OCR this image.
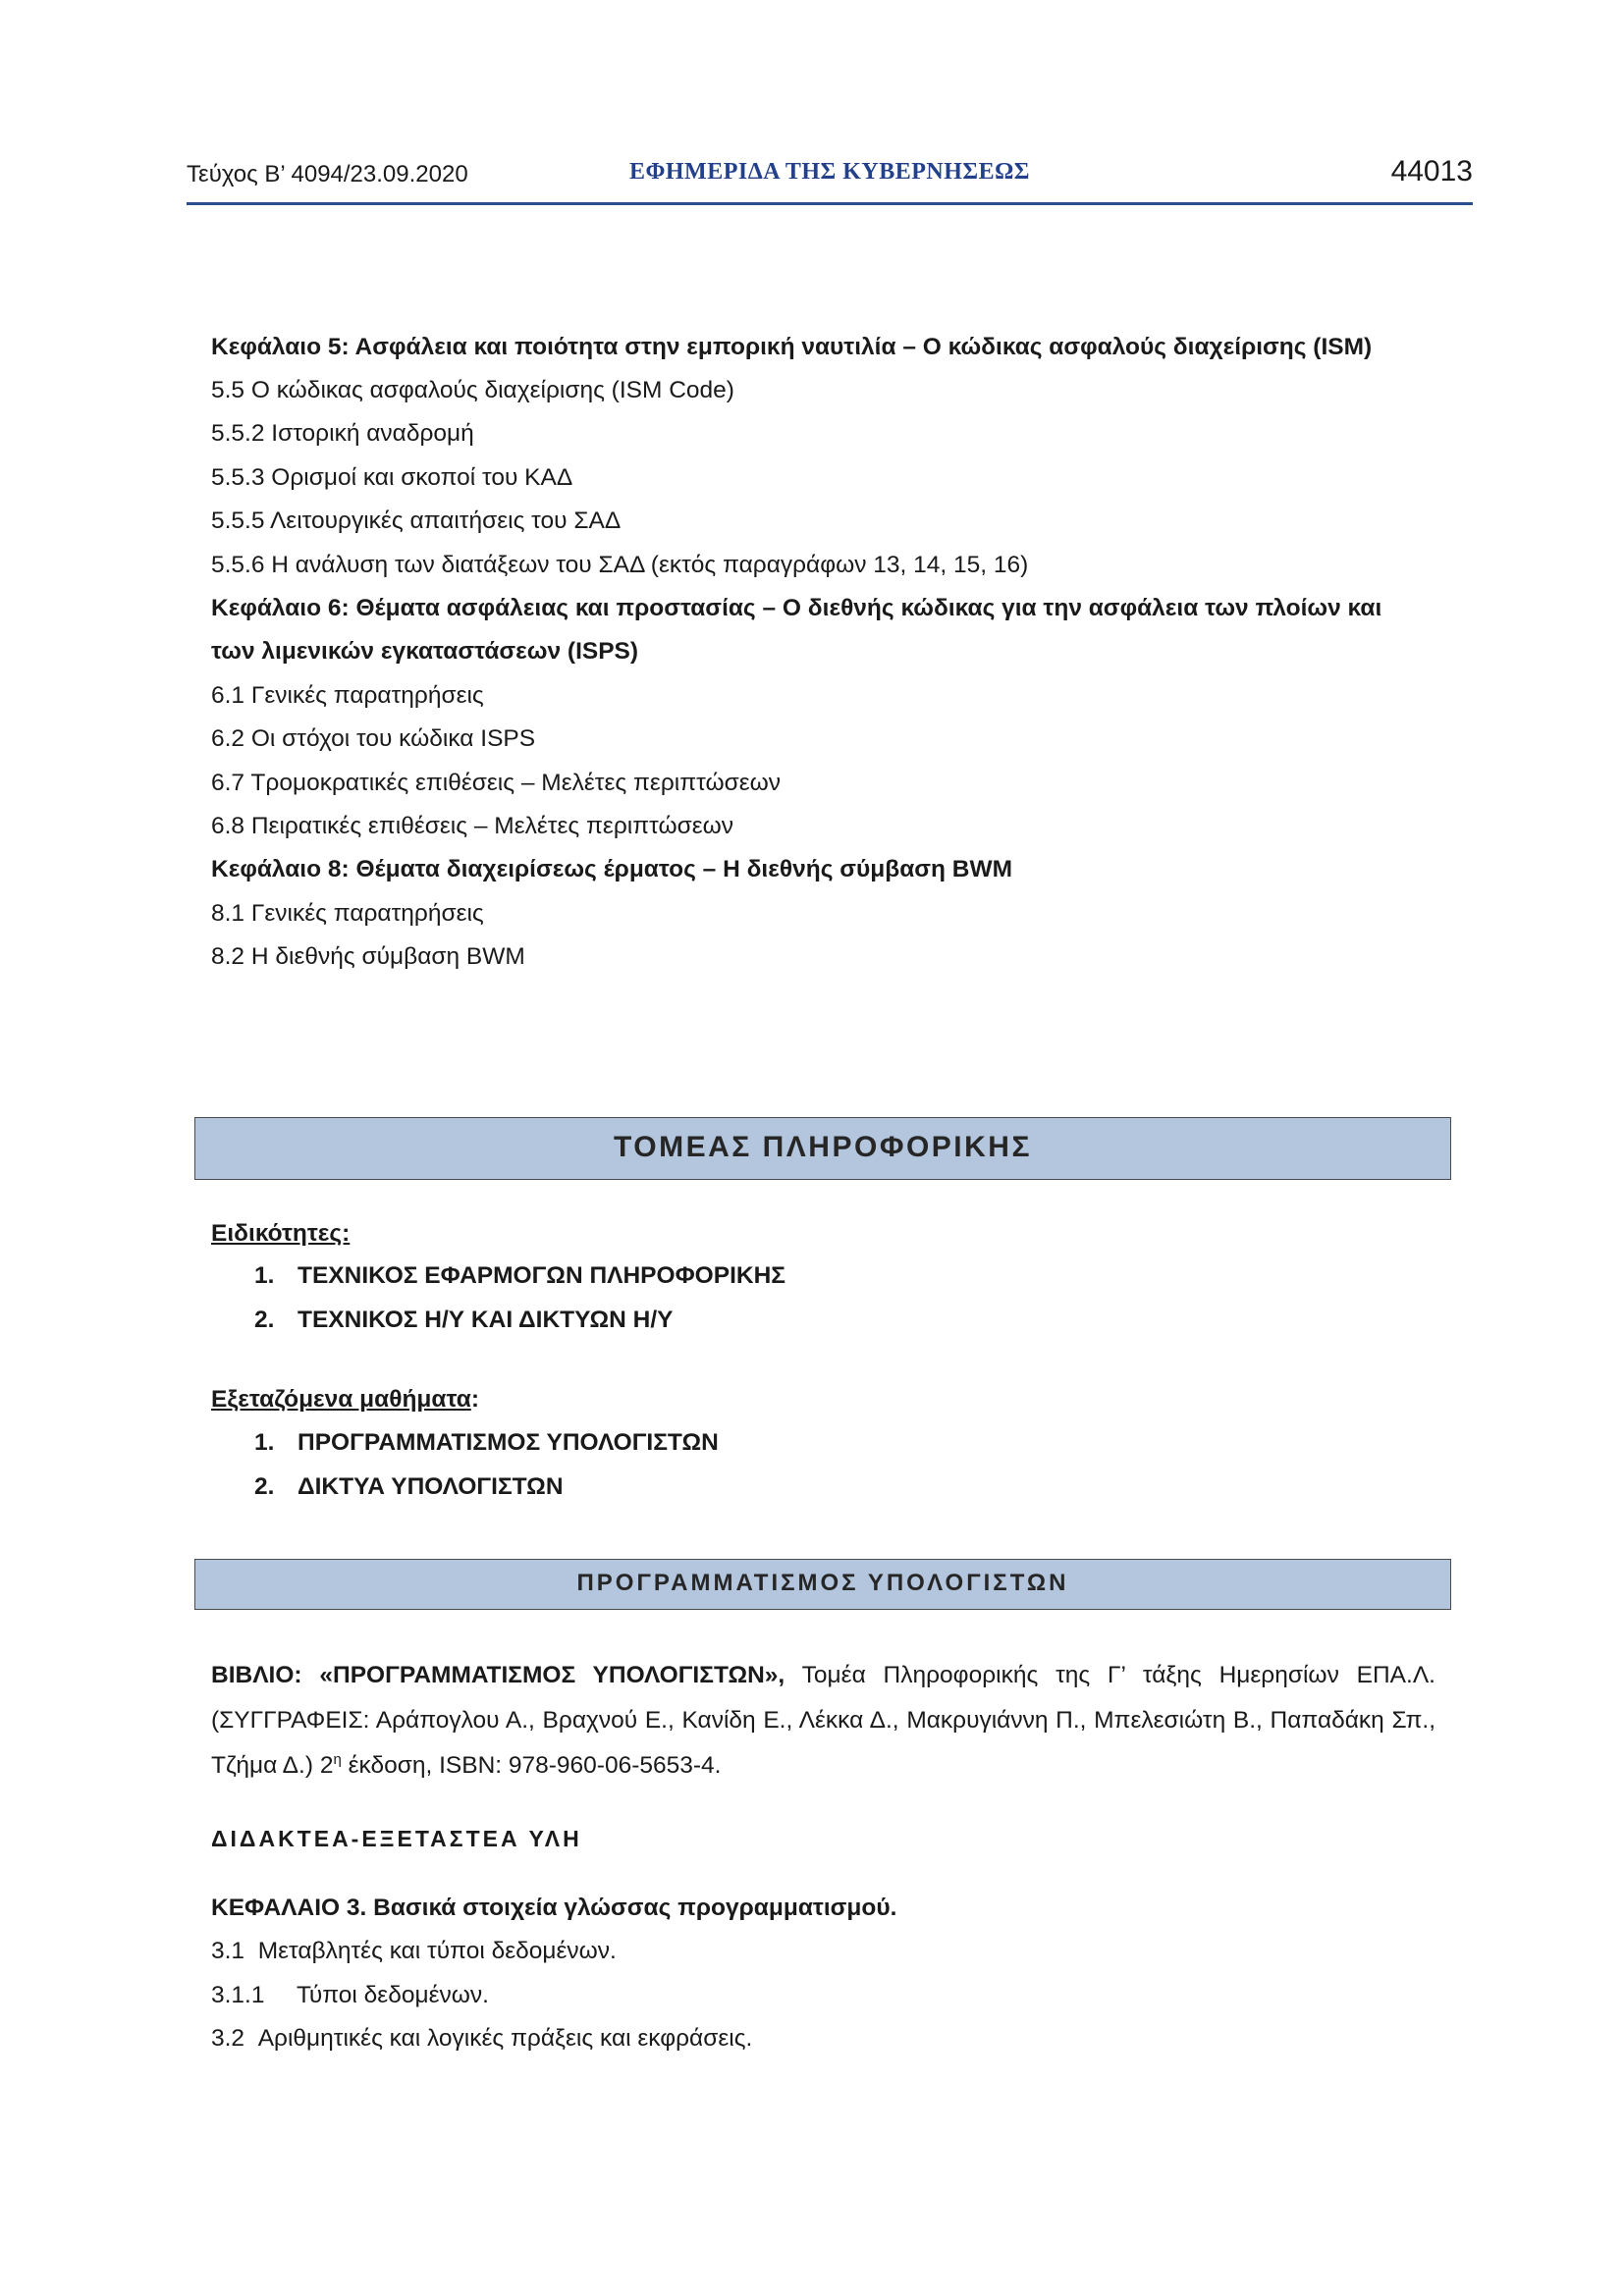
Τεύχος Β’ 4094/23.09.2020	ΕΦΗΜΕΡΙΔΑ ΤΗΣ ΚΥΒΕΡΝΗΣΕΩΣ	44013
Κεφάλαιο 5: Ασφάλεια και ποιότητα στην εμπορική ναυτιλία – Ο κώδικας ασφαλούς διαχείρισης (ISM)
5.5 Ο κώδικας ασφαλούς διαχείρισης (ISM Code)
5.5.2 Ιστορική αναδρομή
5.5.3 Ορισμοί και σκοποί του ΚΑΔ
5.5.5 Λειτουργικές απαιτήσεις του ΣΑΔ
5.5.6 Η ανάλυση των διατάξεων του ΣΑΔ (εκτός παραγράφων 13, 14, 15, 16)
Κεφάλαιο 6: Θέματα ασφάλειας και προστασίας – Ο διεθνής κώδικας για την ασφάλεια των πλοίων και
των λιμενικών εγκαταστάσεων (ISPS)
6.1 Γενικές παρατηρήσεις
6.2 Οι στόχοι του κώδικα ISPS
6.7 Τρομοκρατικές επιθέσεις – Μελέτες περιπτώσεων
6.8 Πειρατικές επιθέσεις – Μελέτες περιπτώσεων
Κεφάλαιο 8: Θέματα διαχειρίσεως έρματος – Η διεθνής σύμβαση BWM
8.1 Γενικές παρατηρήσεις
8.2 Η διεθνής σύμβαση BWM
ΤΟΜΕΑΣ ΠΛΗΡΟΦΟΡΙΚΗΣ
Ειδικότητες:
1. ΤΕΧΝΙΚΟΣ ΕΦΑΡΜΟΓΩΝ ΠΛΗΡΟΦΟΡΙΚΗΣ
2. ΤΕΧΝΙΚΟΣ Η/Υ ΚΑΙ ΔΙΚΤΥΩΝ Η/Υ
Εξεταζόμενα μαθήματα:
1. ΠΡΟΓΡΑΜΜΑΤΙΣΜΟΣ ΥΠΟΛΟΓΙΣΤΩΝ
2. ΔΙΚΤΥΑ ΥΠΟΛΟΓΙΣΤΩΝ
ΠΡΟΓΡΑΜΜΑΤΙΣΜΟΣ ΥΠΟΛΟΓΙΣΤΩΝ
ΒΙΒΛΙΟ: «ΠΡΟΓΡΑΜΜΑΤΙΣΜΟΣ ΥΠΟΛΟΓΙΣΤΩΝ», Τομέα Πληροφορικής της Γ’ τάξης Ημερησίων ΕΠΑ.Λ. (ΣΥΓΓΡΑΦΕΙΣ: Αράπογλου Α., Βραχνού Ε., Κανίδη Ε., Λέκκα Δ., Μακρυγιάννη Π., Μπελεσιώτη Β., Παπαδάκη Σπ., Τζήμα Δ.) $2^\eta$ έκδοση, ISBN: 978-960-06-5653-4.
ΔΙΔΑΚΤΕΑ-ΕΞΕΤΑΣΤΕΑ ΥΛΗ
ΚΕΦΑΛΑΙΟ 3. Βασικά στοιχεία γλώσσας προγραμματισμού.
3.1 Μεταβλητές και τύποι δεδομένων.
3.1.1 Τύποι δεδομένων.
3.2 Αριθμητικές και λογικές πράξεις και εκφράσεις.
